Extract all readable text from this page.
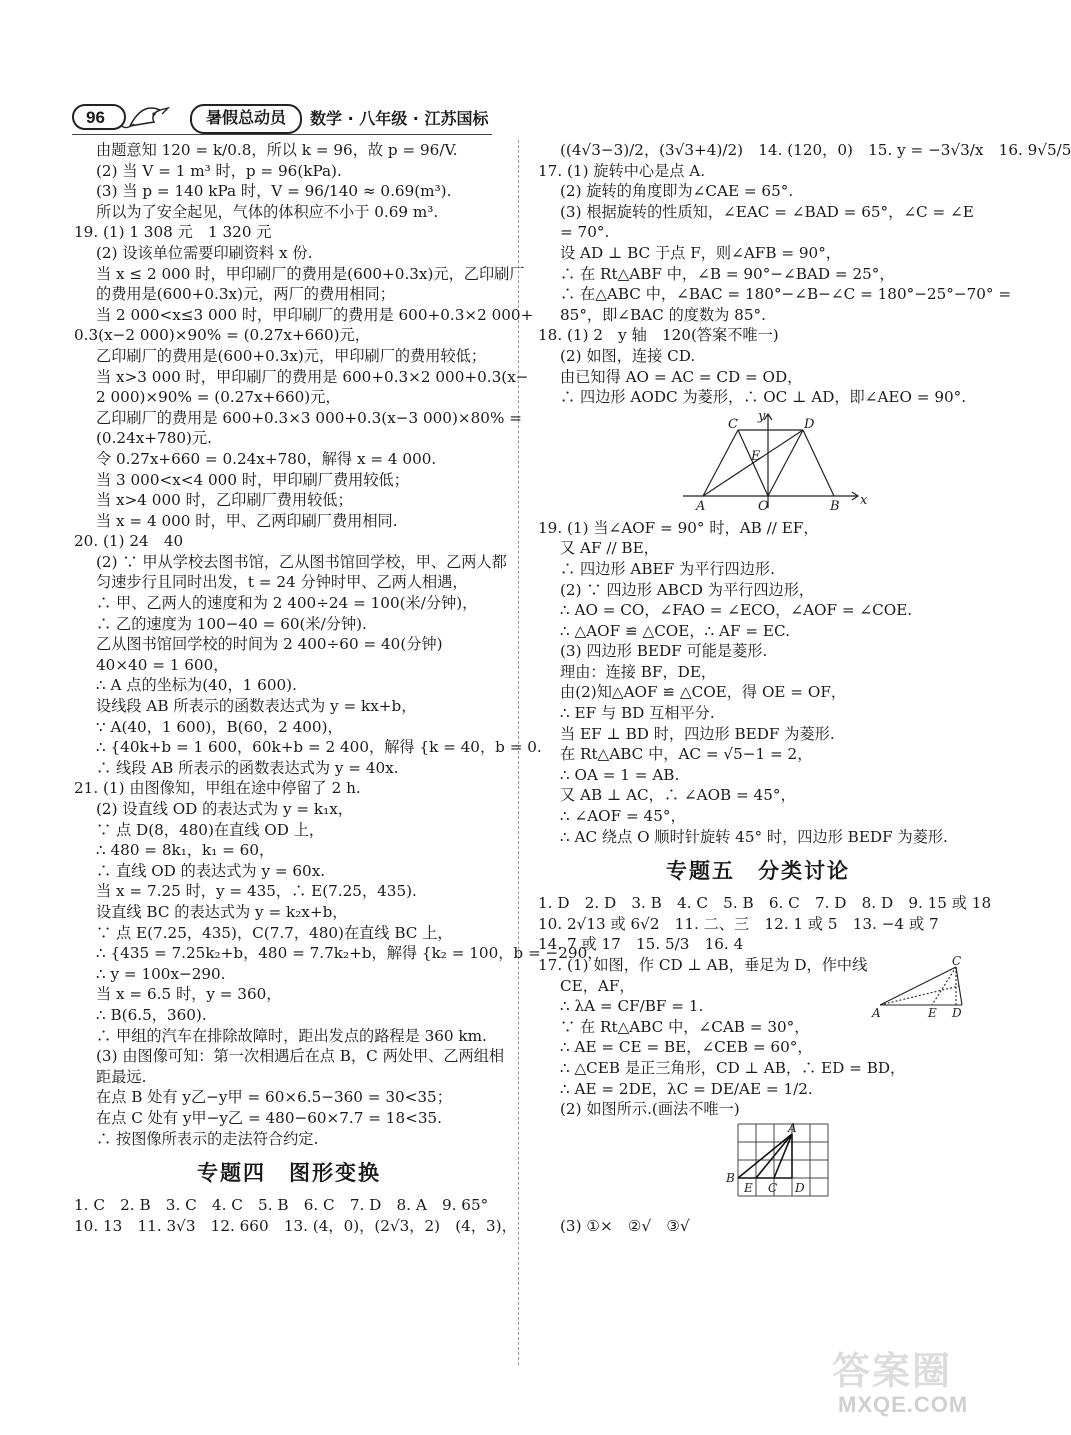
96	暑假总动员	数学 · 八年级 · 江苏国标
由题意知 120 = k/0.8，所以 k = 96，故 p = 96/V.
(2) 当 V = 1 m³ 时，p = 96(kPa).
(3) 当 p = 140 kPa 时，V = 96/140 ≈ 0.69(m³).
所以为了安全起见，气体的体积应不小于 0.69 m³.
19. (1) 1 308 元　1 320 元
(2) 设该单位需要印刷资料 x 份.
当 x ≤ 2 000 时，甲印刷厂的费用是(600+0.3x)元，乙印刷厂
的费用是(600+0.3x)元，两厂的费用相同；
当 2 000<x≤3 000 时，甲印刷厂的费用是 600+0.3×2 000+
0.3(x−2 000)×90% = (0.27x+660)元，
乙印刷厂的费用是(600+0.3x)元，甲印刷厂的费用较低；
当 x>3 000 时，甲印刷厂的费用是 600+0.3×2 000+0.3(x−
2 000)×90% = (0.27x+660)元，
乙印刷厂的费用是 600+0.3×3 000+0.3(x−3 000)×80% =
(0.24x+780)元.
令 0.27x+660 = 0.24x+780，解得 x = 4 000.
当 3 000<x<4 000 时，甲印刷厂费用较低；
当 x>4 000 时，乙印刷厂费用较低；
当 x = 4 000 时，甲、乙两印刷厂费用相同.
20. (1) 24　40
(2) ∵ 甲从学校去图书馆，乙从图书馆回学校，甲、乙两人都
匀速步行且同时出发，t = 24 分钟时甲、乙两人相遇，
∴ 甲、乙两人的速度和为 2 400÷24 = 100(米/分钟)，
∴ 乙的速度为 100−40 = 60(米/分钟).
乙从图书馆回学校的时间为 2 400÷60 = 40(分钟)
40×40 = 1 600，
∴ A 点的坐标为(40，1 600).
设线段 AB 所表示的函数表达式为 y = kx+b，
∵ A(40，1 600)，B(60，2 400)，
∴ {40k+b = 1 600，60k+b = 2 400，解得 {k = 40，b = 0.
∴ 线段 AB 所表示的函数表达式为 y = 40x.
21. (1) 由图像知，甲组在途中停留了 2 h.
(2) 设直线 OD 的表达式为 y = k₁x，
∵ 点 D(8，480)在直线 OD 上，
∴ 480 = 8k₁，k₁ = 60，
∴ 直线 OD 的表达式为 y = 60x.
当 x = 7.25 时，y = 435，∴ E(7.25，435).
设直线 BC 的表达式为 y = k₂x+b，
∵ 点 E(7.25，435)，C(7.7，480)在直线 BC 上，
∴ {435 = 7.25k₂+b，480 = 7.7k₂+b，解得 {k₂ = 100，b = −290，
∴ y = 100x−290.
当 x = 6.5 时，y = 360，
∴ B(6.5，360).
∴ 甲组的汽车在排除故障时，距出发点的路程是 360 km.
(3) 由图像可知：第一次相遇后在点 B，C 两处甲、乙两组相
距最远.
在点 B 处有 y乙−y甲 = 60×6.5−360 = 30<35；
在点 C 处有 y甲−y乙 = 480−60×7.7 = 18<35.
∴ 按图像所表示的走法符合约定.
专题四　图形变换
1. C　2. B　3. C　4. C　5. B　6. C　7. D　8. A　9. 65°
10. 13　11. 3√3　12. 660　13. (4，0)，(2√3，2)　(4，3)，
((4√3−3)/2，(3√3+4)/2)　14. (120，0)　15. y = −3√3/x　16. 9√5/5
17. (1) 旋转中心是点 A.
(2) 旋转的角度即为∠CAE = 65°.
(3) 根据旋转的性质知，∠EAC = ∠BAD = 65°，∠C = ∠E
= 70°.
设 AD ⊥ BC 于点 F，则∠AFB = 90°，
∴ 在 Rt△ABF 中，∠B = 90°−∠BAD = 25°，
∴ 在△ABC 中，∠BAC = 180°−∠B−∠C = 180°−25°−70° =
85°，即∠BAC 的度数为 85°.
18. (1) 2　y 轴　120(答案不唯一)
(2) 如图，连接 CD.
由已知得 AO = AC = CD = OD，
∴ 四边形 AODC 为菱形，∴ OC ⊥ AD，即∠AEO = 90°.
C
y
D
E
A	O	B x
19. (1) 当∠AOF = 90° 时，AB // EF，
又 AF // BE，
∴ 四边形 ABEF 为平行四边形.
(2) ∵ 四边形 ABCD 为平行四边形，
∴ AO = CO，∠FAO = ∠ECO，∠AOF = ∠COE.
∴ △AOF ≌ △COE，∴ AF = EC.
(3) 四边形 BEDF 可能是菱形.
理由：连接 BF，DE，
由(2)知△AOF ≌ △COE，得 OE = OF，
∴ EF 与 BD 互相平分.
当 EF ⊥ BD 时，四边形 BEDF 为菱形.
在 Rt△ABC 中，AC = √5−1 = 2，
∴ OA = 1 = AB.
又 AB ⊥ AC，∴ ∠AOB = 45°，
∴ ∠AOF = 45°，
∴ AC 绕点 O 顺时针旋转 45° 时，四边形 BEDF 为菱形.
专题五　分类讨论
1. D　2. D　3. B　4. C　5. B　6. C　7. D　8. D　9. 15 或 18
10. 2√13 或 6√2　11. 二、三　12. 1 或 5　13. −4 或 7
14. 7 或 17　15. 5/3　16. 4
C
A	E D
17. (1) 如图，作 CD ⊥ AB，垂足为 D，作中线
CE，AF，
∴ λA = CF/BF = 1.
∵ 在 Rt△ABC 中，∠CAB = 30°，
∴ AE = CE = BE，∠CEB = 60°，
∴ △CEB 是正三角形，CD ⊥ AB，∴ ED = BD，
∴ AE = 2DE，λC = DE/AE = 1/2.
(2) 如图所示.(画法不唯一)
A
B
E C D
(3) ①×　②√　③√
答案圈
MXQE.COM
